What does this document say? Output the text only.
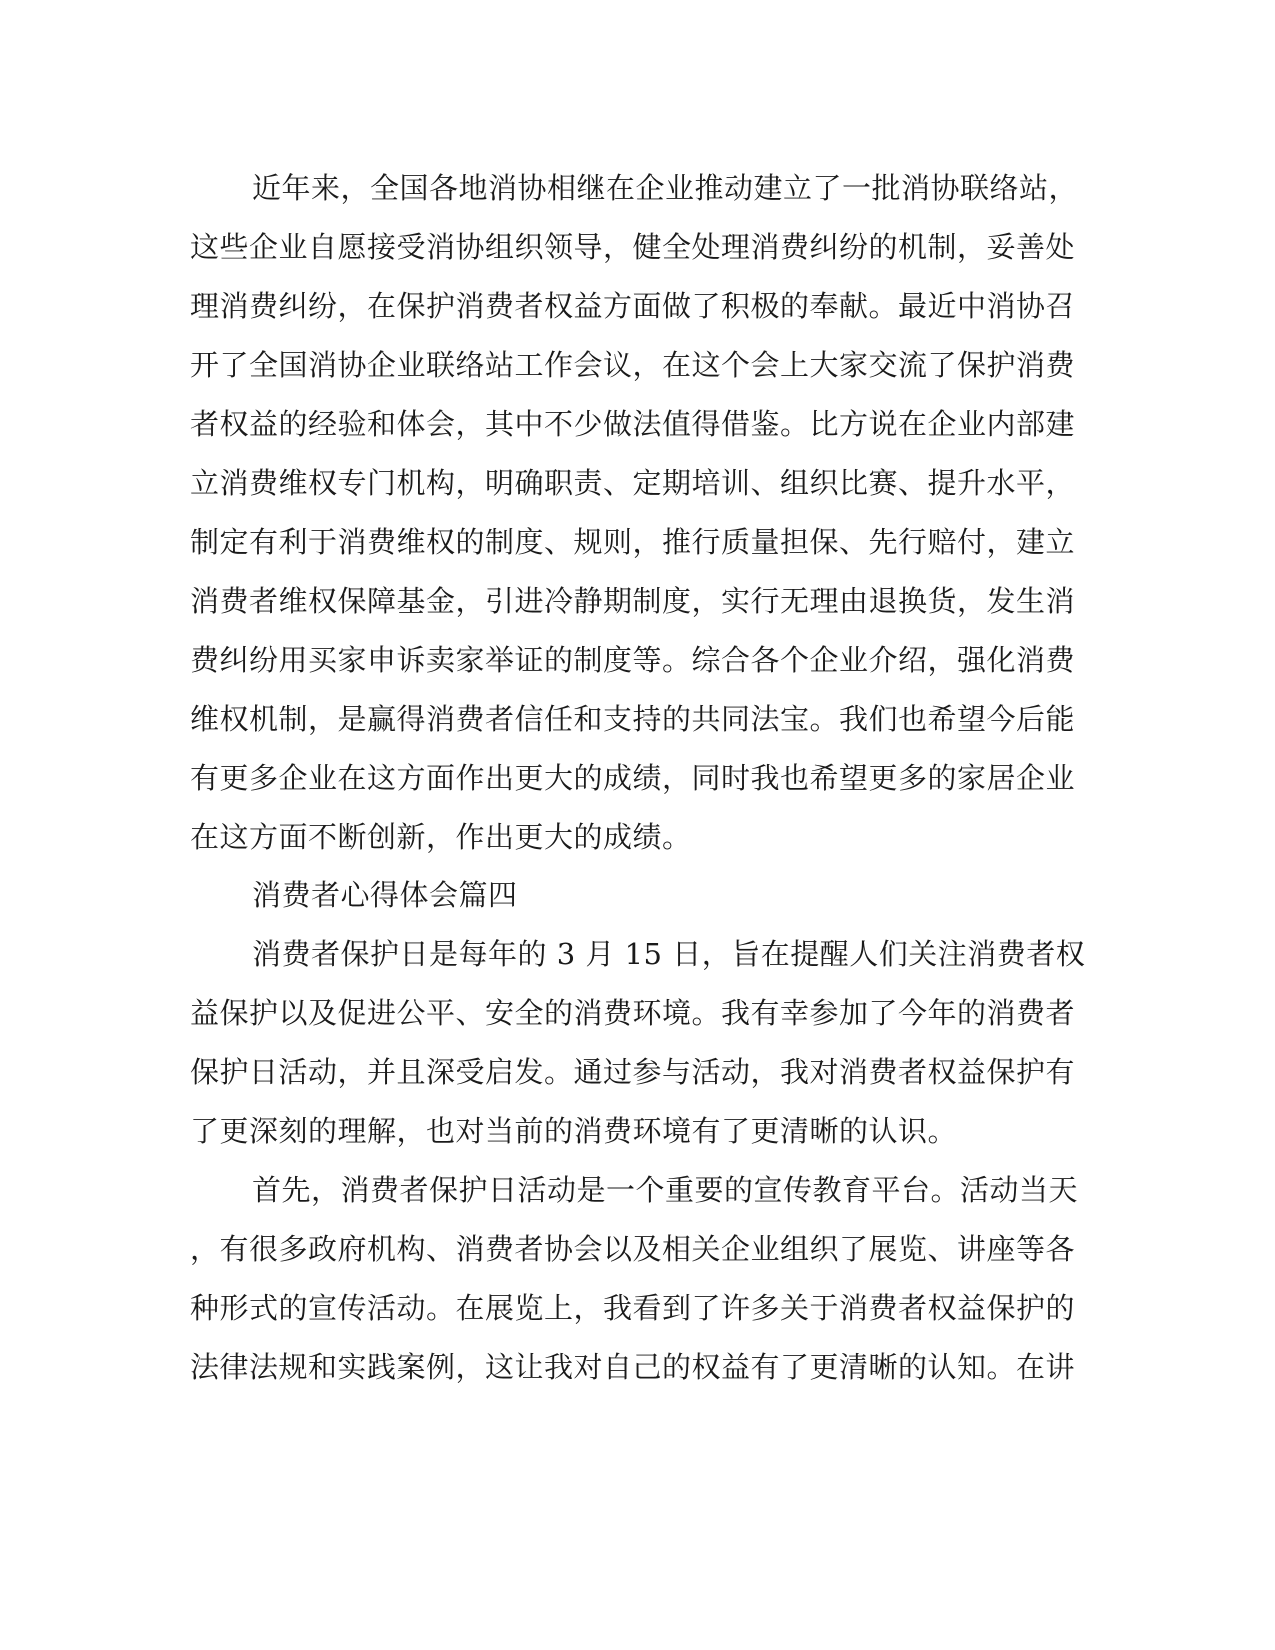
近年来，全国各地消协相继在企业推动建立了一批消协联络站，
这些企业自愿接受消协组织领导，健全处理消费纠纷的机制，妥善处
理消费纠纷，在保护消费者权益方面做了积极的奉献。最近中消协召
开了全国消协企业联络站工作会议，在这个会上大家交流了保护消费
者权益的经验和体会，其中不少做法值得借鉴。比方说在企业内部建
立消费维权专门机构，明确职责、定期培训、组织比赛、提升水平，
制定有利于消费维权的制度、规则，推行质量担保、先行赔付，建立
消费者维权保障基金，引进冷静期制度，实行无理由退换货，发生消
费纠纷用买家申诉卖家举证的制度等。综合各个企业介绍，强化消费
维权机制，是赢得消费者信任和支持的共同法宝。我们也希望今后能
有更多企业在这方面作出更大的成绩，同时我也希望更多的家居企业
在这方面不断创新，作出更大的成绩。
消费者心得体会篇四
消费者保护日是每年的 3 月 15 日，旨在提醒人们关注消费者权
益保护以及促进公平、安全的消费环境。我有幸参加了今年的消费者
保护日活动，并且深受启发。通过参与活动，我对消费者权益保护有
了更深刻的理解，也对当前的消费环境有了更清晰的认识。
首先，消费者保护日活动是一个重要的宣传教育平台。活动当天
，有很多政府机构、消费者协会以及相关企业组织了展览、讲座等各
种形式的宣传活动。在展览上，我看到了许多关于消费者权益保护的
法律法规和实践案例，这让我对自己的权益有了更清晰的认知。在讲
